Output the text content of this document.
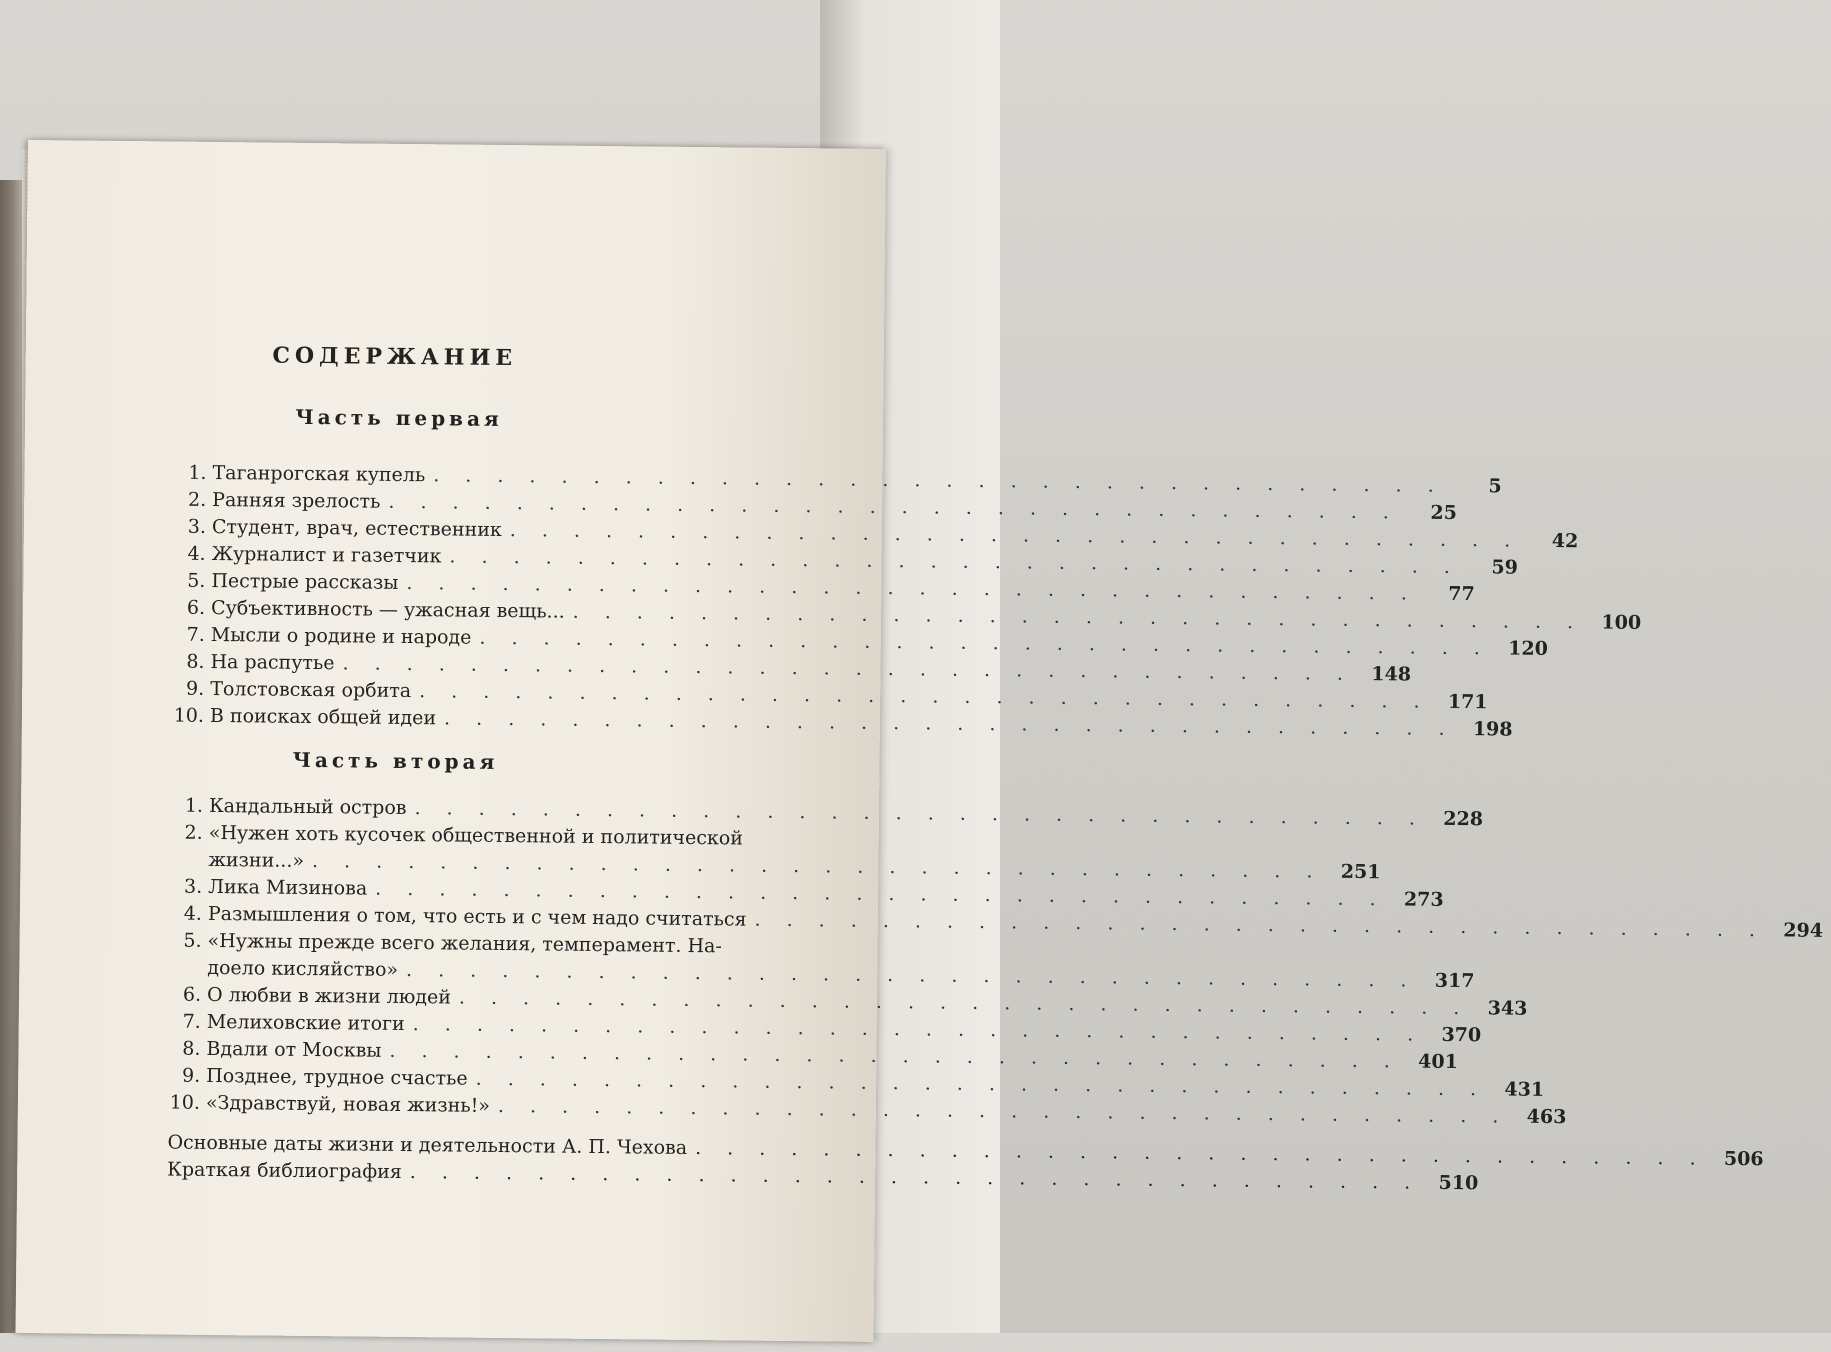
СОДЕРЖАНИЕ
Часть первая
1. Таганрогская купель . . . . . . . . . . . . . . . . . . . . . . . . . . . . . . . .	5
2. Ранняя зрелость . . . . . . . . . . . . . . . . . . . . . . . . . . . . . . . .	25
3. Студент, врач, естественник . . . . . . . . . . . . . . . . . . . . . . . . . . . . . . . .	42
4. Журналист и газетчик . . . . . . . . . . . . . . . . . . . . . . . . . . . . . . . .	59
5. Пестрые рассказы . . . . . . . . . . . . . . . . . . . . . . . . . . . . . . . .	77
6. Субъективность — ужасная вещь... . . . . . . . . . . . . . . . . . . . . . . . . . . . . . . . . 100
7. Мысли о родине и народе . . . . . . . . . . . . . . . . . . . . . . . . . . . . . . . . 120
8. На распутье . . . . . . . . . . . . . . . . . . . . . . . . . . . . . . . . 148
9. Толстовская орбита . . . . . . . . . . . . . . . . . . . . . . . . . . . . . . . . 171
10. В поисках общей идеи . . . . . . . . . . . . . . . . . . . . . . . . . . . . . . . . 198
Часть вторая
1. Кандальный остров . . . . . . . . . . . . . . . . . . . . . . . . . . . . . . . . 228
2. «Нужен хоть кусочек общественной и политической
жизни...» . . . . . . . . . . . . . . . . . . . . . . . . . . . . . . . . 251
3. Лика Мизинова . . . . . . . . . . . . . . . . . . . . . . . . . . . . . . . . 273
4. Размышления о том, что есть и с чем надо считаться . . . . . . . . . . . . . . . . . . . . . . . . . . . . . . . . 294
5. «Нужны прежде всего желания, темперамент. На-
доело кисляйство» . . . . . . . . . . . . . . . . . . . . . . . . . . . . . . . . 317
6. О любви в жизни людей . . . . . . . . . . . . . . . . . . . . . . . . . . . . . . . . 343
7. Мелиховские итоги . . . . . . . . . . . . . . . . . . . . . . . . . . . . . . . . 370
8. Вдали от Москвы . . . . . . . . . . . . . . . . . . . . . . . . . . . . . . . . 401
9. Позднее, трудное счастье . . . . . . . . . . . . . . . . . . . . . . . . . . . . . . . . 431
10. «Здравствуй, новая жизнь!» . . . . . . . . . . . . . . . . . . . . . . . . . . . . . . . . 463
Основные даты жизни и деятельности А. П. Чехова . . . . . . . . . . . . . . . . . . . . . . . . . . . . . . . . 506
Краткая библиография . . . . . . . . . . . . . . . . . . . . . . . . . . . . . . . . 510
